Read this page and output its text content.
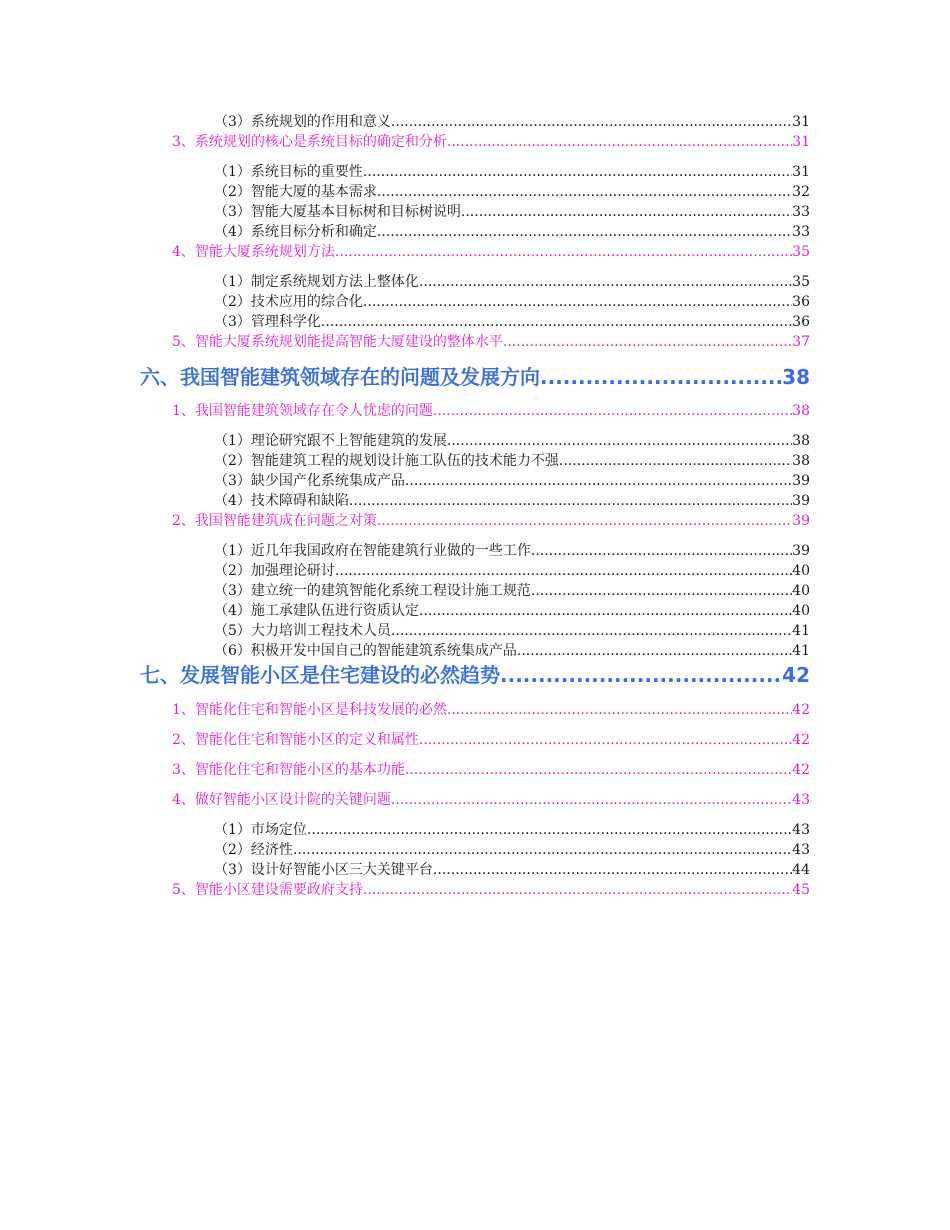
（3）系统规划的作用和意义 .....	31
3、系统规划的核心是系统目标的确定和分析 .....	31
（1）系统目标的重要性 .....	31
（2）智能大厦的基本需求 .....	32
（3）智能大厦基本目标树和目标树说明 .....	33
（4）系统目标分析和确定 .....	33
4、智能大厦系统规划方法 .....	35
（1）制定系统规划方法上整体化 .....	35
（2）技术应用的综合化 .....	36
（3）管理科学化 .....	36
5、智能大厦系统规划能提高智能大厦建设的整体水平 .....	37
六、我国智能建筑领域存在的问题及发展方向 .....	38
1、我国智能建筑领域存在令人忧虑的问题 .....	38
（1）理论研究跟不上智能建筑的发展 .....	38
（2）智能建筑工程的规划设计施工队伍的技术能力不强 .....	38
（3）缺少国产化系统集成产品 .....	39
（4）技术障碍和缺陷 .....	39
2、我国智能建筑成在问题之对策 .....	39
（1）近几年我国政府在智能建筑行业做的一些工作 .....	39
（2）加强理论研讨 .....	40
（3）建立统一的建筑智能化系统工程设计施工规范 .....	40
（4）施工承建队伍进行资质认定 .....	40
（5）大力培训工程技术人员 .....	41
（6）积极开发中国自己的智能建筑系统集成产品 .....	41
七、发展智能小区是住宅建设的必然趋势 .....	42
1、智能化住宅和智能小区是科技发展的必然 .....	42
2、智能化住宅和智能小区的定义和属性 .....	42
3、智能化住宅和智能小区的基本功能 .....	42
4、做好智能小区设计院的关键问题 .....	43
（1）市场定位 .....	43
（2）经济性 .....	43
（3）设计好智能小区三大关键平台 .....	44
5、智能小区建设需要政府支持 .....	45
